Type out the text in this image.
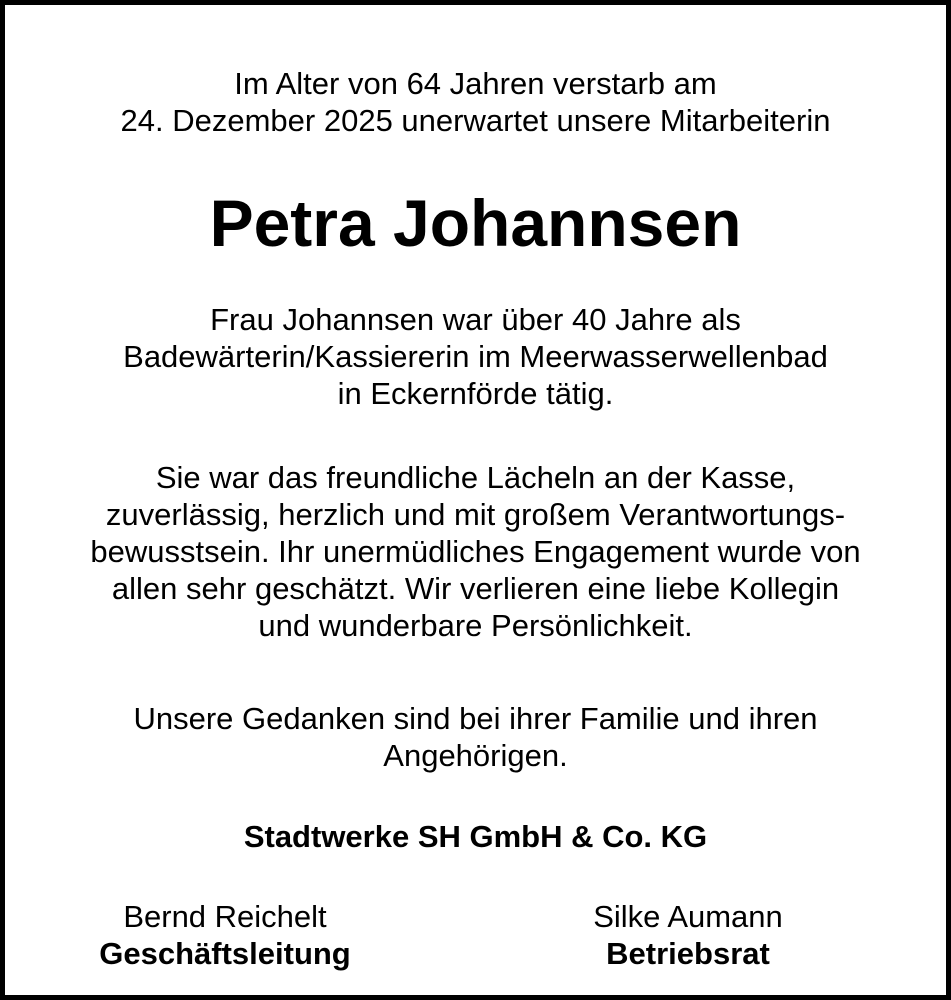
Im Alter von 64 Jahren verstarb am
24. Dezember 2025 unerwartet unsere Mitarbeiterin
Petra Johannsen
Frau Johannsen war über 40 Jahre als
Badewärterin/Kassiererin im Meerwasserwellenbad
in Eckernförde tätig.
Sie war das freundliche Lächeln an der Kasse,
zuverlässig, herzlich und mit großem Verantwortungs-
bewusstsein. Ihr unermüdliches Engagement wurde von
allen sehr geschätzt. Wir verlieren eine liebe Kollegin
und wunderbare Persönlichkeit.
Unsere Gedanken sind bei ihrer Familie und ihren
Angehörigen.
Stadtwerke SH GmbH & Co. KG
Bernd Reichelt
Geschäftsleitung
Silke Aumann
Betriebsrat
